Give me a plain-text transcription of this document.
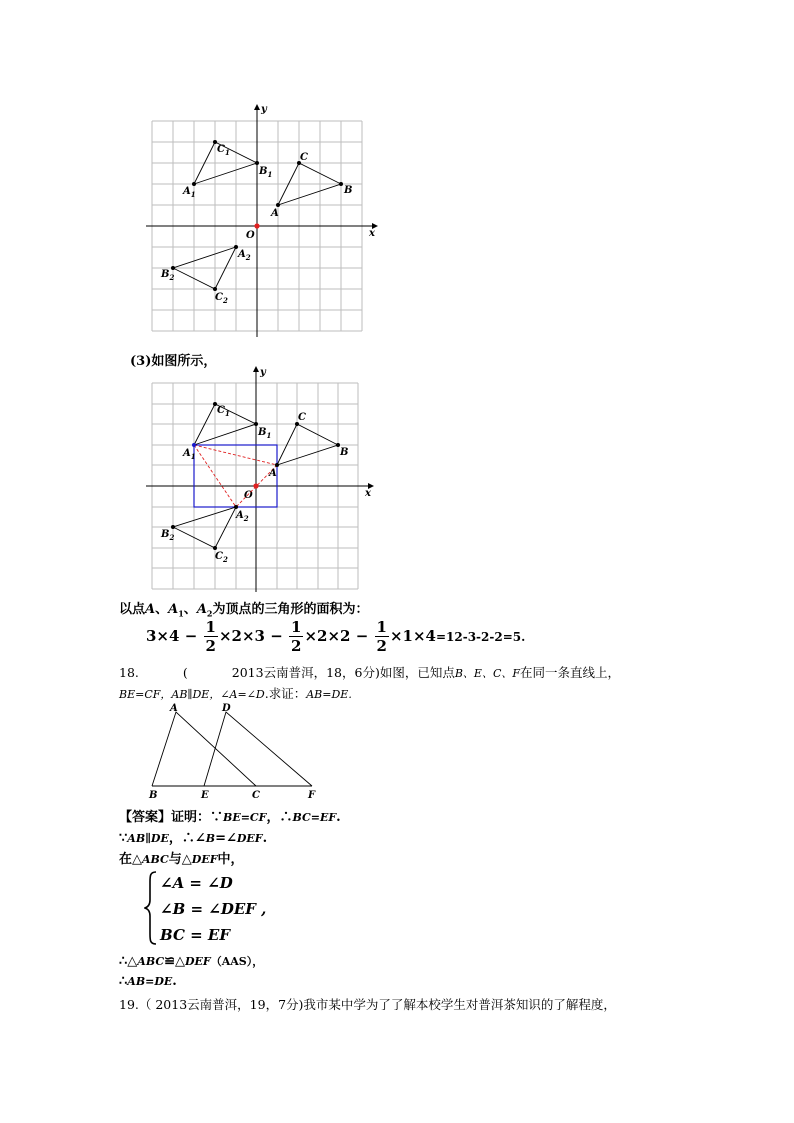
x
y
O
A
C
B
$A_1$
$C_1$
$B_1$
$A_2$
$B_2$
$C_2$
(3)如图所示，
x
y
O
A
C
B
$A_1$
$C_1$
$B_1$
$A_2$
$B_2$
$C_2$
以点A、$A_1$、$A_2$为顶点的三角形的面积为：
$3\times 4 - \frac{1}{2} \times 2\times 3 - \frac{1}{2} \times 2\times 2 - \frac{1}{2} \times 1\times 4=12-3-2-2=5$.
18.	(	2013云南普洱，18，6分)如图，已知点B、E、C、F在同一条直线上，
BE=CF，AB∥DE，∠A=∠D.求证：AB=DE.
A	D
B	E	C	F
【答案】证明：∵BE=CF，∴BC=EF.
∵AB∥DE，∴∠B=∠DEF.
在△ABC与△DEF中，
∠A = ∠D
∠B = ∠DEF ,
BC = EF
∴△ABC≌△DEF（AAS），
∴AB=DE.
19.（ 2013云南普洱，19，7分)我市某中学为了了解本校学生对普洱茶知识的了解程度，
